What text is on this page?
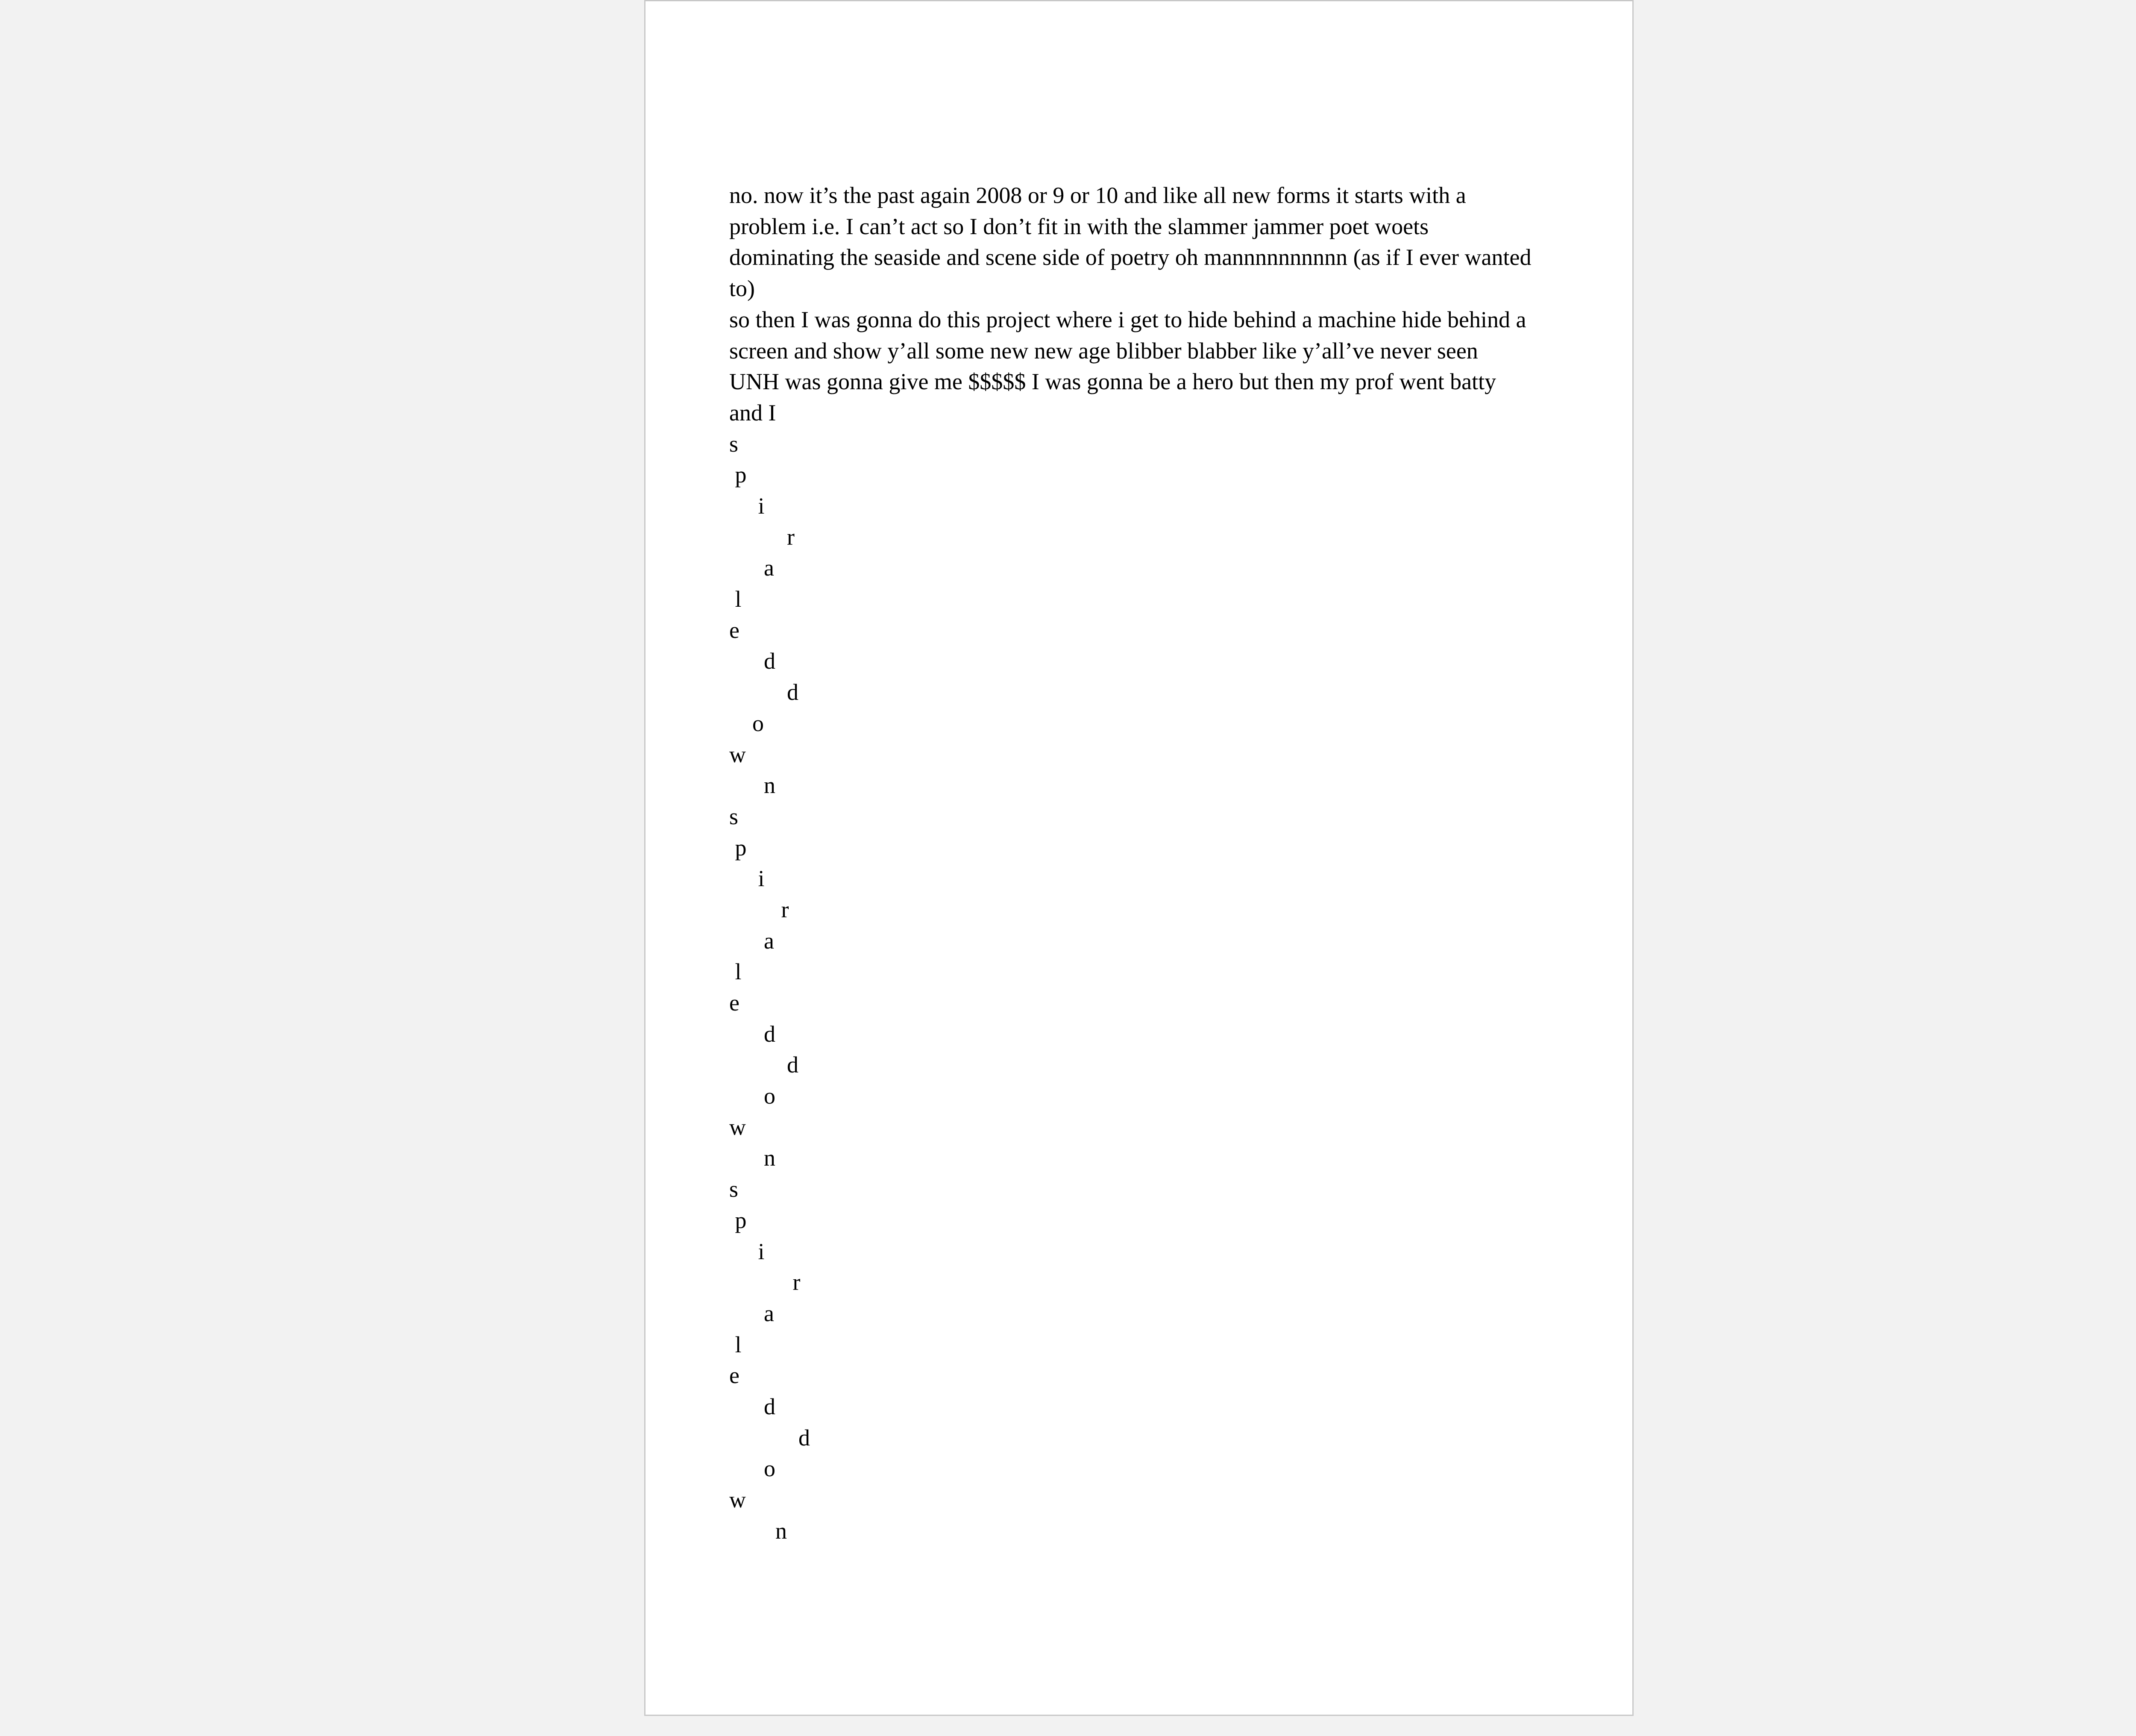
no. now it’s the past again 2008 or 9 or 10 and like all new forms it starts with a problem i.e. I can’t act so I don’t fit in with the slammer jammer poet woets dominating the seaside and scene side of poetry oh mannnnnnnnnn (as if I ever wanted to)

so then I was gonna do this project where i get to hide behind a machine hide behind a screen and show y’all some new new age blibber blabber like y’all’ve never seen UNH was gonna give me $$$$$ I was gonna be a hero but then my prof went batty and I

s

p

i

r

a

l

e

d

d

o

w

n

s

p

i

r

a

l

e

d

d

o

w

n

s

p

i

r

a

l

e

d

d

o

w

n
